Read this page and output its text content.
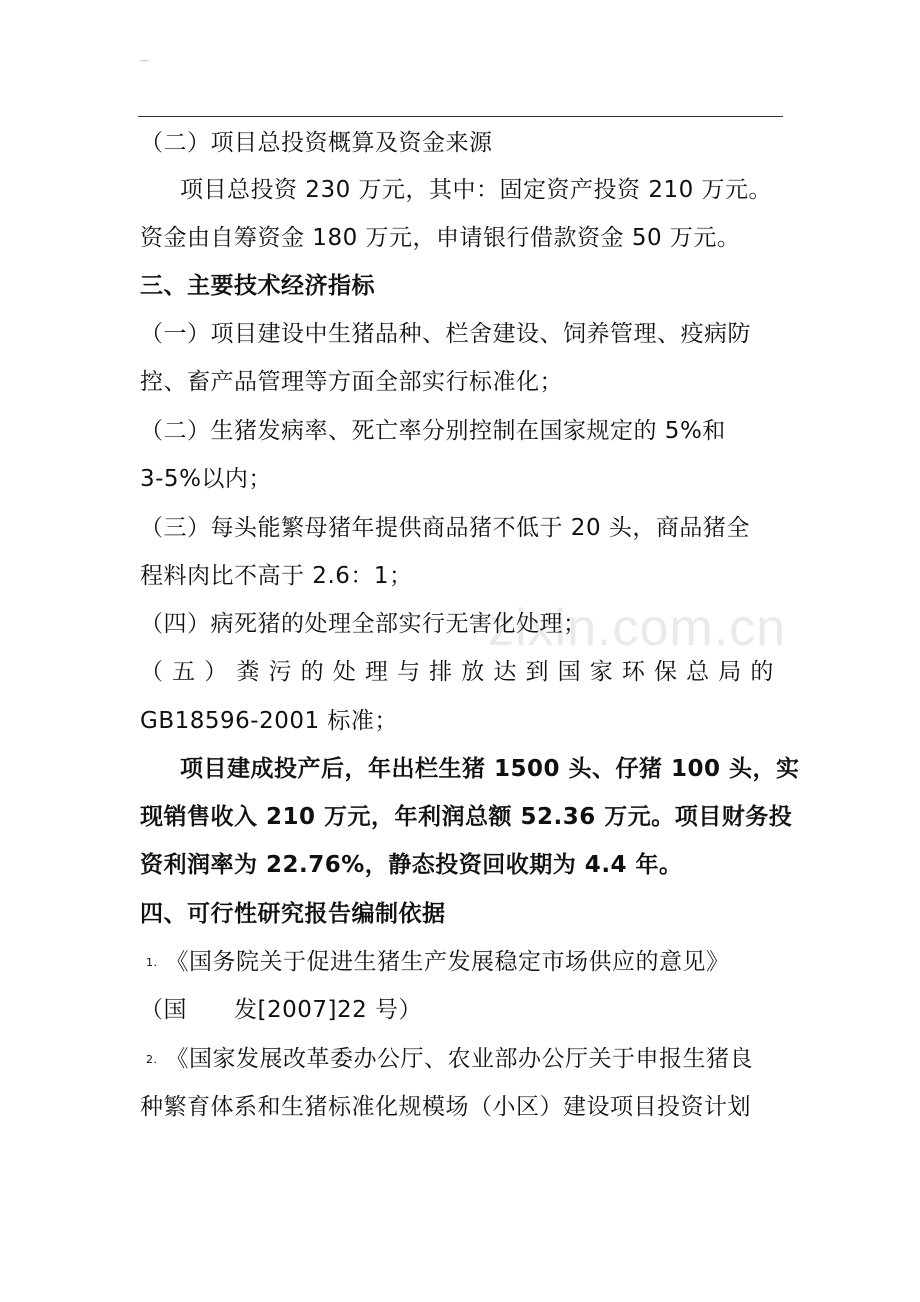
—
zixin.com.cn
（二）项目总投资概算及资金来源
项目总投资 230 万元，其中：固定资产投资 210 万元。
资金由自筹资金 180 万元，申请银行借款资金 50 万元。
三、主要技术经济指标
（一）项目建设中生猪品种、栏舍建设、饲养管理、疫病防
控、畜产品管理等方面全部实行标准化；
（二）生猪发病率、死亡率分别控制在国家规定的 5%和
3-5%以内；
（三）每头能繁母猪年提供商品猪不低于 20 头，商品猪全
程料肉比不高于 2.6：1；
（四）病死猪的处理全部实行无害化处理；
（ 五 ） 粪 污 的 处 理 与 排 放 达 到 国 家 环 保 总 局 的
GB18596-2001 标准；
项目建成投产后，年出栏生猪 1500 头、仔猪 100 头，实
现销售收入 210 万元，年利润总额 52.36 万元。项目财务投
资利润率为 22.76%，静态投资回收期为 4.4 年。
四、可行性研究报告编制依据
1. 《国务院关于促进生猪生产发展稳定市场供应的意见》
（国　　发[2007]22 号）
2. 《国家发展改革委办公厅、农业部办公厅关于申报生猪良
种繁育体系和生猪标准化规模场（小区）建设项目投资计划
